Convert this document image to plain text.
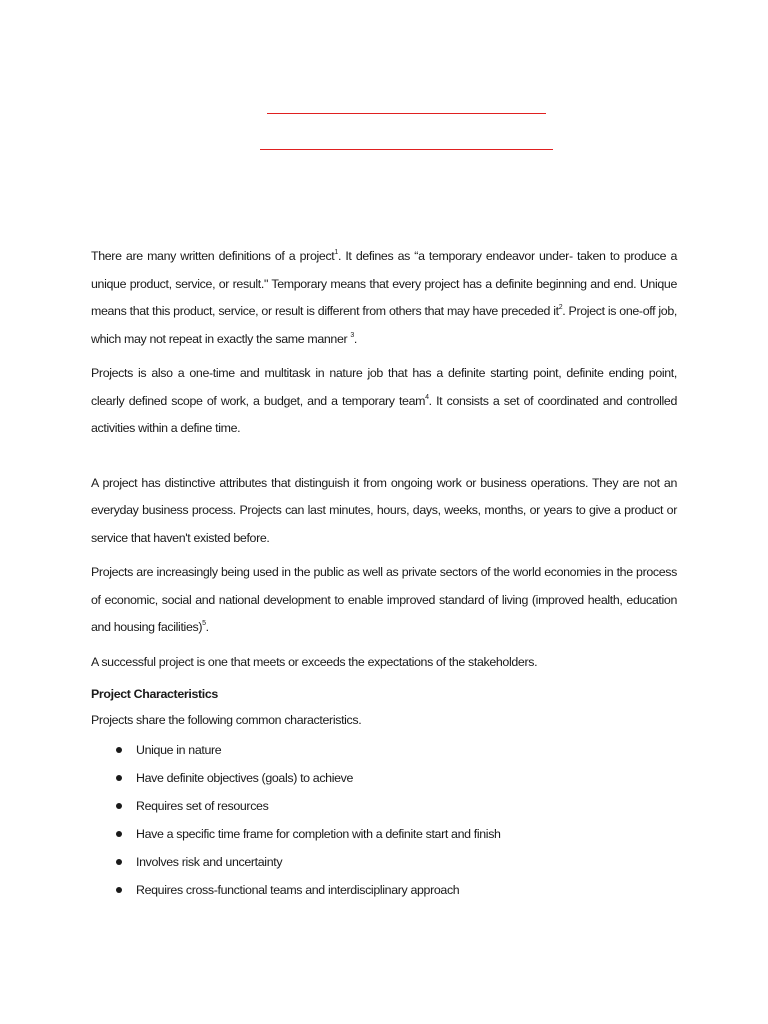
There are many written definitions of a project$^1$. It defines as “a temporary endeavor under- taken to produce a unique product, service, or result." Temporary means that every project has a definite beginning and end. Unique means that this product, service, or result is different from others that may have preceded $it^2$. Project is one-off job, which may not repeat in exactly the same manner $^3$.

Projects is also a one-time and multitask in nature job that has a definite starting point, definite ending point, clearly defined scope of work, a budget, and a temporary team$^4$. It consists a set of coordinated and controlled activities within a define time.

A project has distinctive attributes that distinguish it from ongoing work or business operations. They are not an everyday business process. Projects can last minutes, hours, days, weeks, months, or years to give a product or service that haven't existed before.

Projects are increasingly being used in the public as well as private sectors of the world economies in the process of economic, social and national development to enable improved standard of living (improved health, education and housing facilities)$^5$.

A successful project is one that meets or exceeds the expectations of the stakeholders.

Project Characteristics

Projects share the following common characteristics.

Unique in nature
Have definite objectives (goals) to achieve
Requires set of resources
Have a specific time frame for completion with a definite start and finish
Involves risk and uncertainty
Requires cross-functional teams and interdisciplinary approach
